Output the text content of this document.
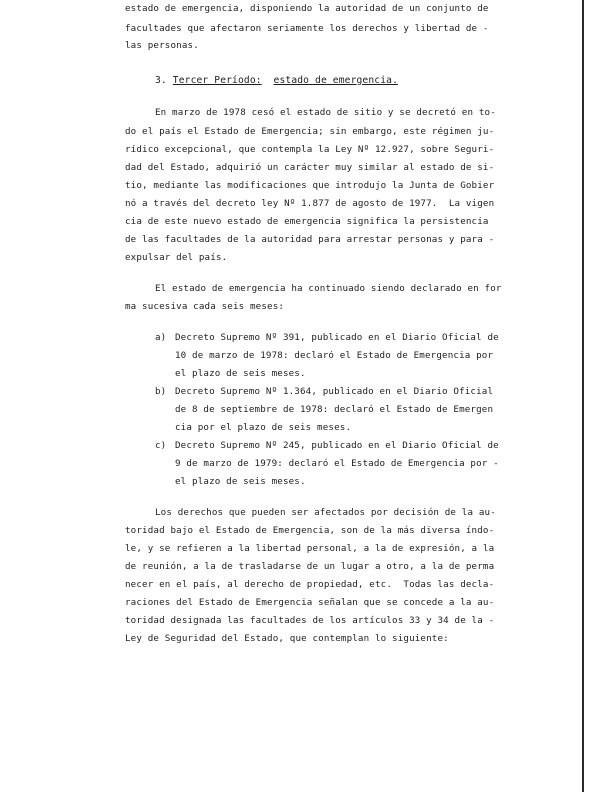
estado de emergencia, disponiendo la autoridad de un conjunto de
facultades que afectaron seriamente los derechos y libertad de -
las personas.
3. Tercer Período: estado de emergencia.
En marzo de 1978 cesó el estado de sitio y se decretó en to-
do el país el Estado de Emergencia; sin embargo, este régimen ju-
rídico excepcional, que contempla la Ley Nº 12.927, sobre Seguri-
dad del Estado, adquirió un carácter muy similar al estado de si-
tio, mediante las modificaciones que introdujo la Junta de Gobier
nó a través del decreto ley Nº 1.877 de agosto de 1977.  La vigen
cia de este nuevo estado de emergencia significa la persistencia
de las facultades de la autoridad para arrestar personas y para -
expulsar del país.
El estado de emergencia ha continuado siendo declarado en for
ma sucesiva cada seis meses:
a) Decreto Supremo Nº 391, publicado en el Diario Oficial de
10 de marzo de 1978: declaró el Estado de Emergencia por
el plazo de seis meses.
b) Decreto Supremo Nº 1.364, publicado en el Diario Oficial
de 8 de septiembre de 1978: declaró el Estado de Emergen
cia por el plazo de seis meses.
c) Decreto Supremo Nº 245, publicado en el Diario Oficial de
9 de marzo de 1979: declaró el Estado de Emergencia por -
el plazo de seis meses.
Los derechos que pueden ser afectados por decisión de la au-
toridad bajo el Estado de Emergencia, son de la más diversa índo-
le, y se refieren a la libertad personal, a la de expresión, a la
de reunión, a la de trasladarse de un lugar a otro, a la de perma
necer en el país, al derecho de propiedad, etc.  Todas las decla-
raciones del Estado de Emergencia señalan que se concede a la au-
toridad designada las facultades de los artículos 33 y 34 de la -
Ley de Seguridad del Estado, que contemplan lo siguiente:
